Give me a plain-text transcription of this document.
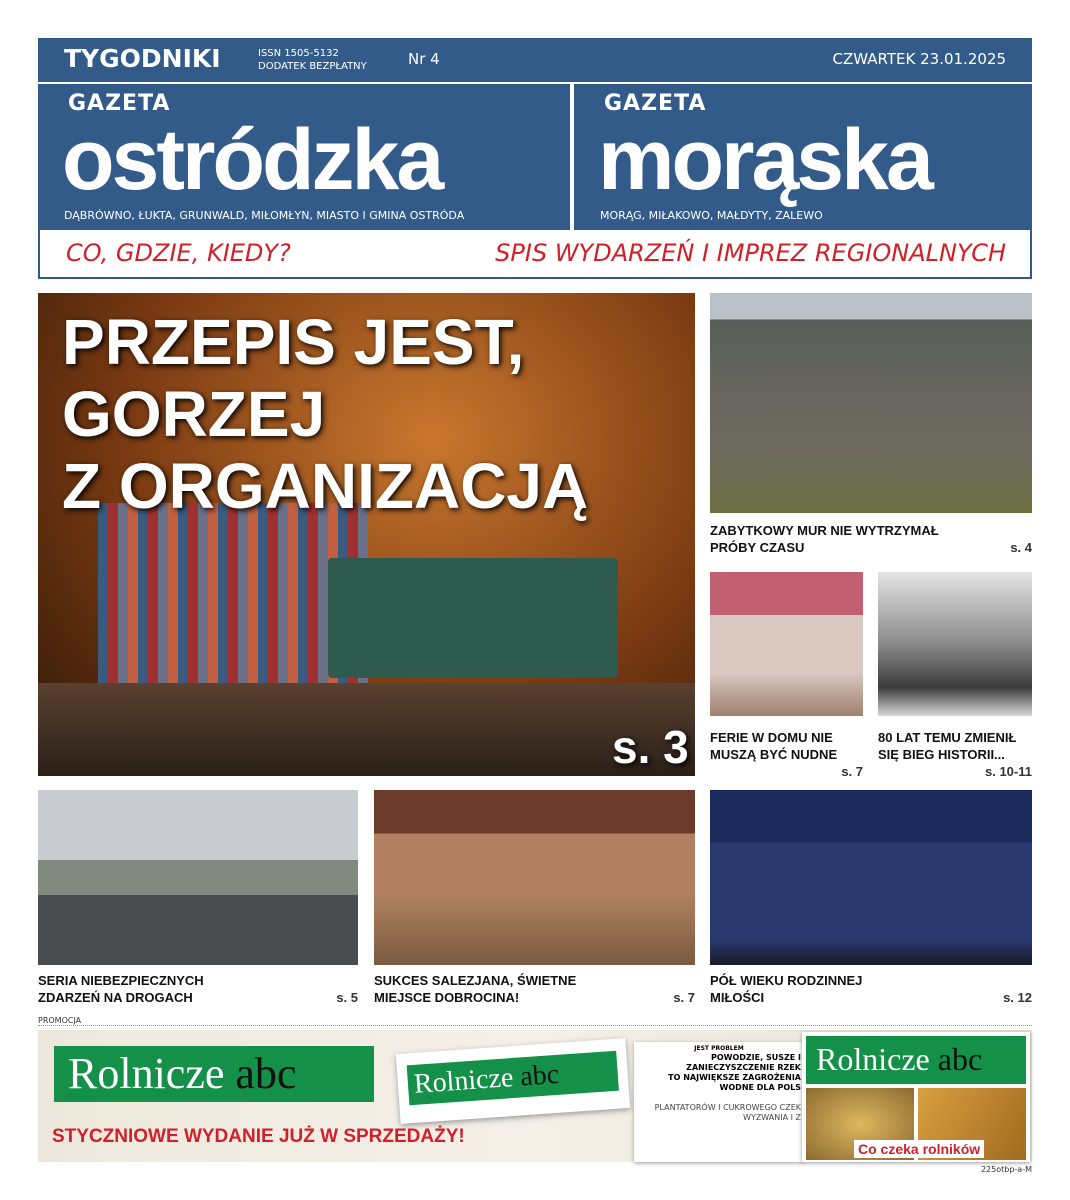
TYGODNIKI	ISSN 1505-5132
DODATEK BEZPŁATNY	Nr 4	CZWARTEK 23.01.2025
GAZETA
ostródzka
DĄBRÓWNO, ŁUKTA, GRUNWALD, MIŁOMŁYN, MIASTO I GMINA OSTRÓDA
GAZETA
morąska
MORĄG, MIŁAKOWO, MAŁDYTY, ZALEWO
CO, GDZIE, KIEDY?	SPIS WYDARZEŃ I IMPREZ REGIONALNYCH
PRZEPIS JEST,
GORZEJ
Z ORGANIZACJĄ
s. 3
ZABYTKOWY MUR NIE WYTRZYMAŁ
PRÓBY CZASU	s. 4
FERIE W DOMU NIE
MUSZĄ BYĆ NUDNE
s. 7
80 LAT TEMU ZMIENIŁ
SIĘ BIEG HISTORII...
s. 10-11
SERIA NIEBEZPIECZNYCH
ZDARZEŃ NA DROGACH	s. 5
SUKCES SALEZJANA, ŚWIETNE
MIEJSCE DOBROCINA!	s. 7
PÓŁ WIEKU RODZINNEJ
MIŁOŚCI	s. 12
PROMOCJA
Rolnicze abc	Rolnicze abc
STYCZNIOWE WYDANIE JUŻ W SPRZEDAŻY!
JEST PROBLEM
POWODZIE, SUSZE I ZANIECZYSZCZENIE RZEK
TO NAJWIĘKSZE ZAGROŻENIA WODNE DLA POLS
PLANTATORÓW I CUKROWEGO CZEK WYZWANIA I Z
Rolnicze abc
Co czeka rolników
225otbp-a-M
